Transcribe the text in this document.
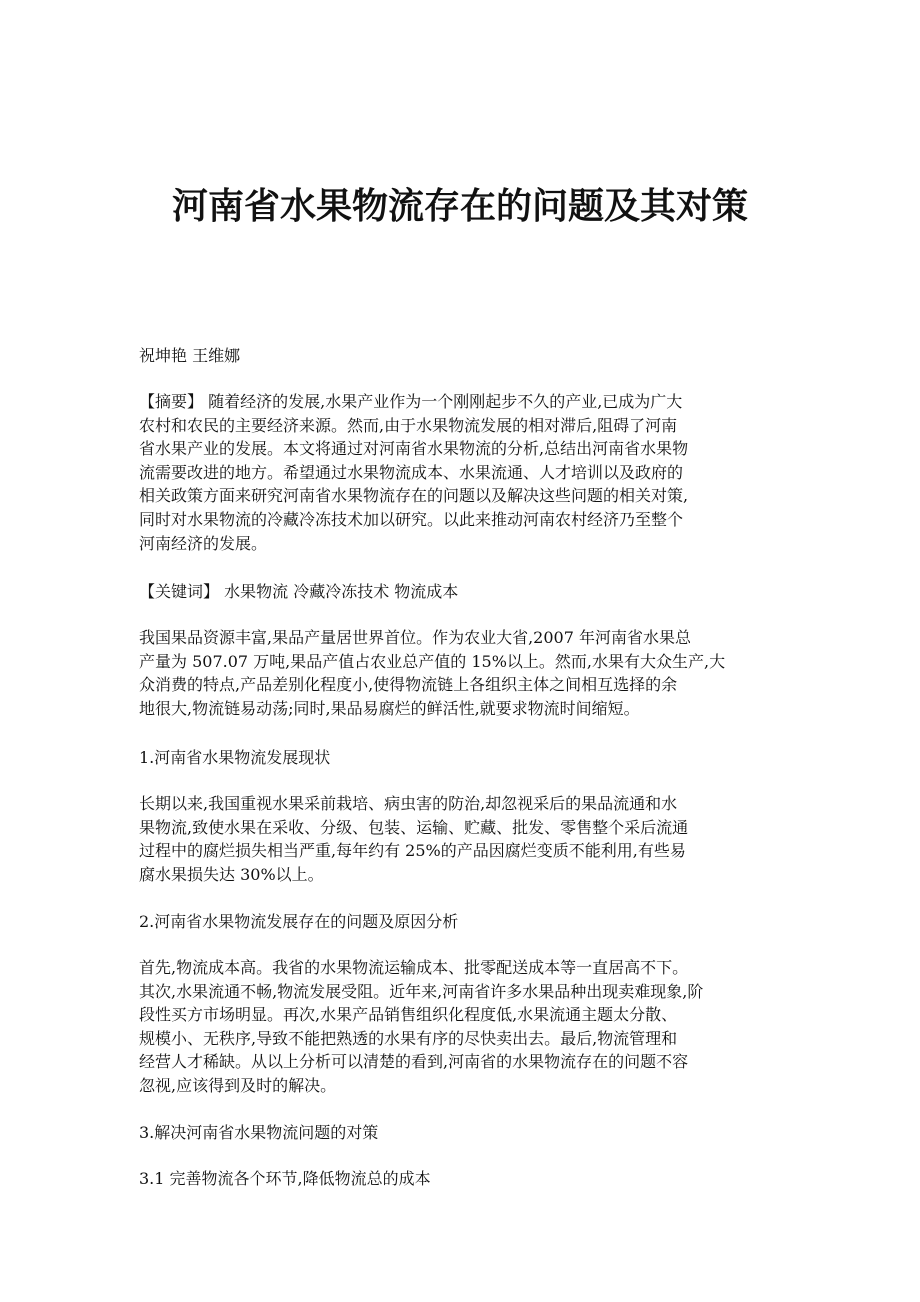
河南省水果物流存在的问题及其对策

祝坤艳 王维娜

【摘要】 随着经济的发展,水果产业作为一个刚刚起步不久的产业,已成为广大
农村和农民的主要经济来源。然而,由于水果物流发展的相对滞后,阻碍了河南
省水果产业的发展。本文将通过对河南省水果物流的分析,总结出河南省水果物
流需要改进的地方。希望通过水果物流成本、水果流通、人才培训以及政府的
相关政策方面来研究河南省水果物流存在的问题以及解决这些问题的相关对策,
同时对水果物流的冷藏冷冻技术加以研究。以此来推动河南农村经济乃至整个
河南经济的发展。

【关键词】 水果物流 冷藏冷冻技术 物流成本

我国果品资源丰富,果品产量居世界首位。作为农业大省,2007 年河南省水果总
产量为 507.07 万吨,果品产值占农业总产值的 15%以上。然而,水果有大众生产,大
众消费的特点,产品差别化程度小,使得物流链上各组织主体之间相互选择的余
地很大,物流链易动荡;同时,果品易腐烂的鲜活性,就要求物流时间缩短。

1.河南省水果物流发展现状

长期以来,我国重视水果采前栽培、病虫害的防治,却忽视采后的果品流通和水
果物流,致使水果在采收、分级、包装、运输、贮藏、批发、零售整个采后流通
过程中的腐烂损失相当严重,每年约有 25%的产品因腐烂变质不能利用,有些易
腐水果损失达 30%以上。

2.河南省水果物流发展存在的问题及原因分析

首先,物流成本高。我省的水果物流运输成本、批零配送成本等一直居高不下。
其次,水果流通不畅,物流发展受阻。近年来,河南省许多水果品种出现卖难现象,阶
段性买方市场明显。再次,水果产品销售组织化程度低,水果流通主题太分散、
规模小、无秩序,导致不能把熟透的水果有序的尽快卖出去。最后,物流管理和
经营人才稀缺。从以上分析可以清楚的看到,河南省的水果物流存在的问题不容
忽视,应该得到及时的解决。

3.解决河南省水果物流问题的对策

3.1 完善物流各个环节,降低物流总的成本
